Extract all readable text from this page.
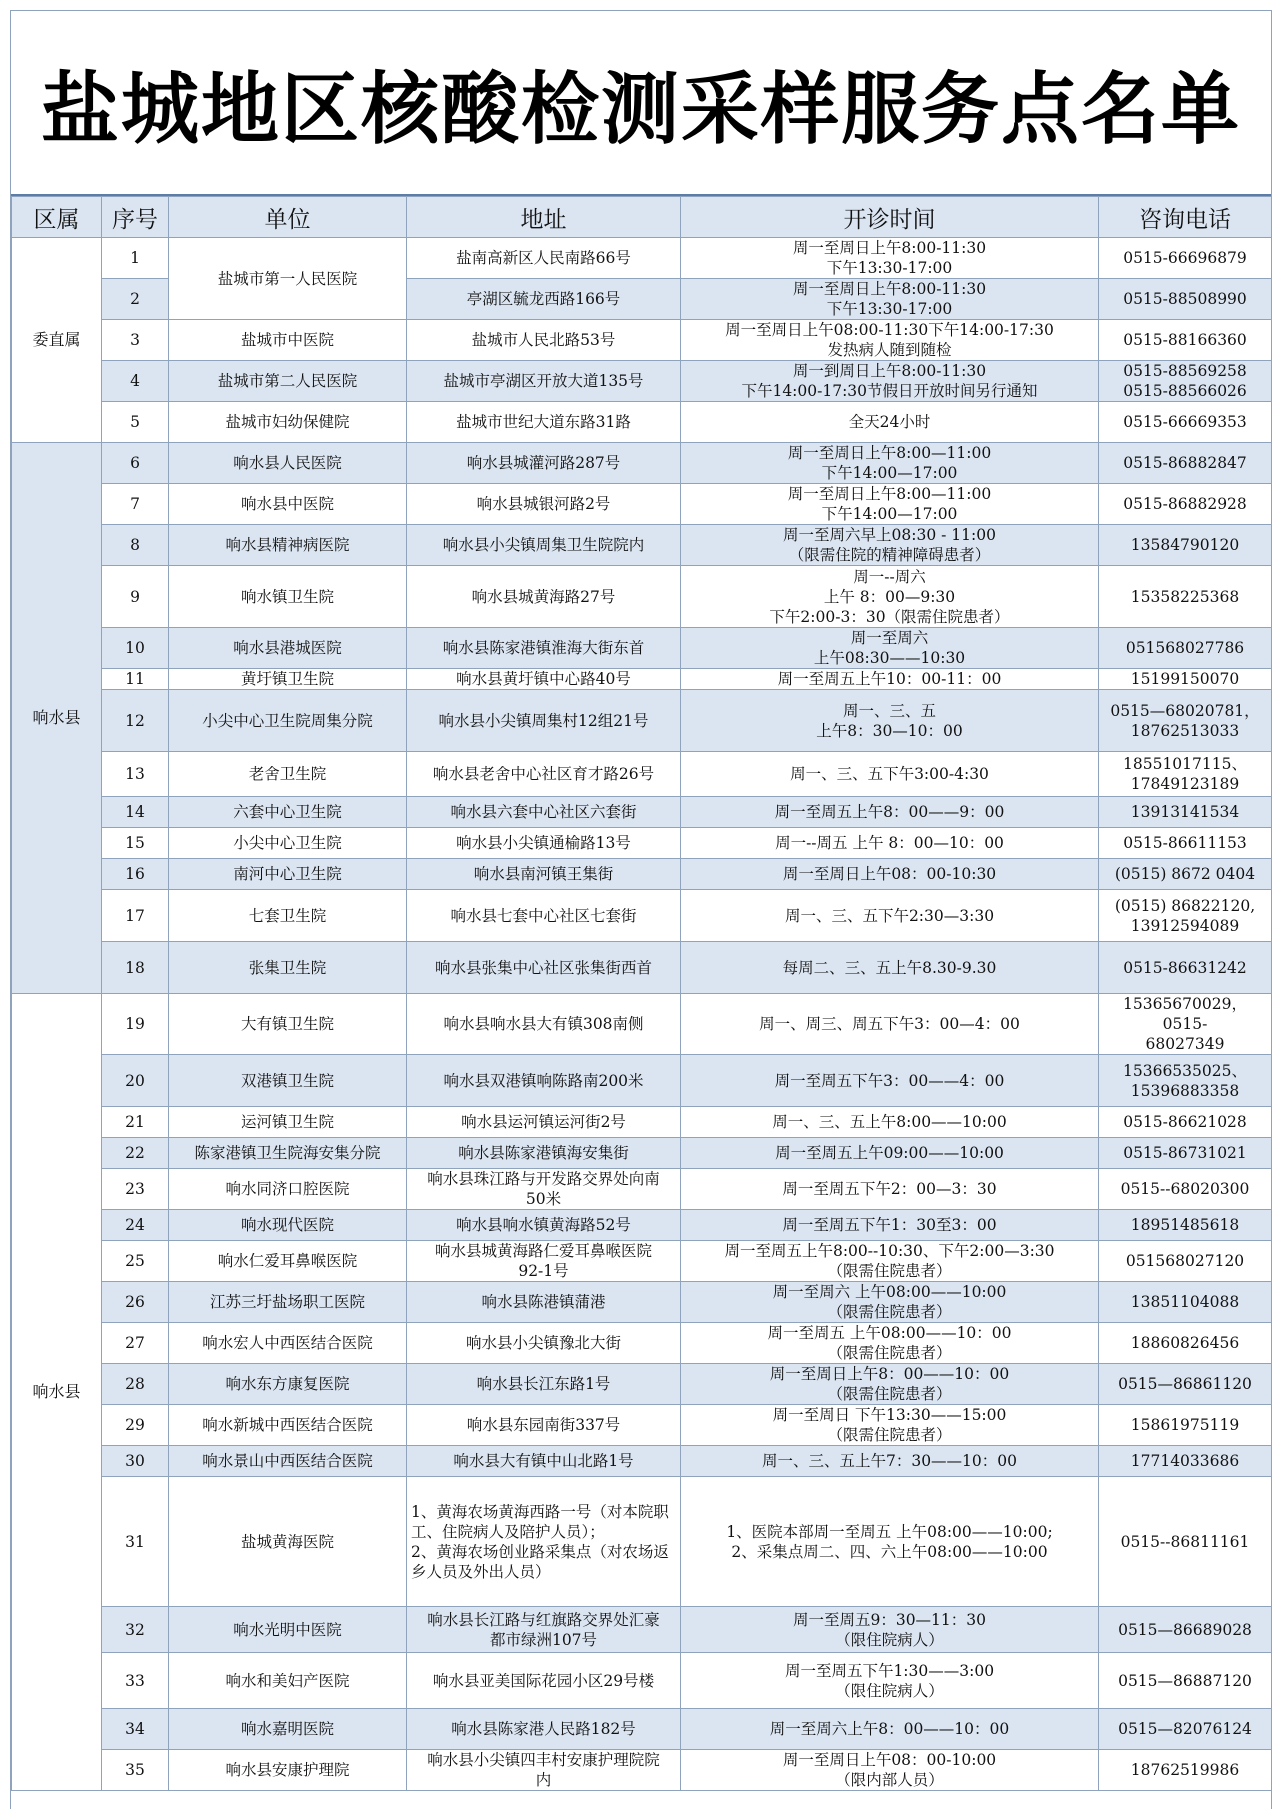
盐城地区核酸检测采样服务点名单
区属	序号	单位	地址	开诊时间	咨询电话
委直属	1	盐城市第一人民医院	盐南高新区人民南路66号	周一至周日上午8:00-11:30
下午13:30-17:00	0515-66696879
	2		亭湖区毓龙西路166号	周一至周日上午8:00-11:30
下午13:30-17:00	0515-88508990
	3	盐城市中医院	盐城市人民北路53号	周一至周日上午08:00-11:30下午14:00-17:30
发热病人随到随检	0515-88166360
	4	盐城市第二人民医院	盐城市亭湖区开放大道135号	周一到周日上午8:00-11:30
下午14:00-17:30节假日开放时间另行通知	0515-88569258
0515-88566026
	5	盐城市妇幼保健院	盐城市世纪大道东路31路	全天24小时	0515-66669353
响水县	6	响水县人民医院	响水县城灌河路287号	周一至周日上午8:00—11:00
下午14:00—17:00	0515-86882847
	7	响水县中医院	响水县城银河路2号	周一至周日上午8:00—11:00
下午14:00—17:00	0515-86882928
	8	响水县精神病医院	响水县小尖镇周集卫生院院内	周一至周六早上08:30 - 11:00
（限需住院的精神障碍患者）	13584790120
	9	响水镇卫生院	响水县城黄海路27号	周一--周六
上午 8：00—9:30
下午2:00-3：30（限需住院患者）	15358225368
	10	响水县港城医院	响水县陈家港镇淮海大街东首	周一至周六
上午08:30——10:30	051568027786
	11	黄圩镇卫生院	响水县黄圩镇中心路40号	周一至周五上午10：00-11：00	15199150070
	12	小尖中心卫生院周集分院	响水县小尖镇周集村12组21号	周一、三、五
上午8：30—10：00	0515—68020781，
18762513033
	13	老舍卫生院	响水县老舍中心社区育才路26号	周一、三、五下午3:00-4:30	18551017115、
17849123189
	14	六套中心卫生院	响水县六套中心社区六套街	周一至周五上午8：00——9：00	13913141534
	15	小尖中心卫生院	响水县小尖镇通榆路13号	周一--周五 上午 8：00—10：00	0515-86611153
	16	南河中心卫生院	响水县南河镇王集街	周一至周日上午08：00-10:30	(0515) 8672 0404
	17	七套卫生院	响水县七套中心社区七套街	周一、三、五下午2:30—3:30	(0515) 86822120,
13912594089
	18	张集卫生院	响水县张集中心社区张集街西首	每周二、三、五上午8.30-9.30	0515-86631242
响水县	19	大有镇卫生院	响水县响水县大有镇308南侧	周一、周三、周五下午3：00—4：00	15365670029，0515-
68027349
	20	双港镇卫生院	响水县双港镇响陈路南200米	周一至周五下午3：00——4：00	15366535025、
15396883358
	21	运河镇卫生院	响水县运河镇运河街2号	周一、三、五上午8:00——10:00	0515-86621028
	22	陈家港镇卫生院海安集分院	响水县陈家港镇海安集街	周一至周五上午09:00——10:00	0515-86731021
	23	响水同济口腔医院	响水县珠江路与开发路交界处向南
50米	周一至周五下午2：00—3：30	0515--68020300
	24	响水现代医院	响水县响水镇黄海路52号	周一至周五下午1：30至3：00	18951485618
	25	响水仁爱耳鼻喉医院	响水县城黄海路仁爱耳鼻喉医院
92-1号	周一至周五上午8:00--10:30、下午2:00—3:30
（限需住院患者）	051568027120
	26	江苏三圩盐场职工医院	响水县陈港镇蒲港	周一至周六 上午08:00——10:00
（限需住院患者）	13851104088
	27	响水宏人中西医结合医院	响水县小尖镇豫北大街	周一至周五 上午08:00——10：00
（限需住院患者）	18860826456
	28	响水东方康复医院	响水县长江东路1号	周一至周日上午8：00——10：00
（限需住院患者）	0515—86861120
	29	响水新城中西医结合医院	响水县东园南街337号	周一至周日 下午13:30——15:00
（限需住院患者）	15861975119
	30	响水景山中西医结合医院	响水县大有镇中山北路1号	周一、三、五上午7：30——10：00	17714033686
	31	盐城黄海医院	1、黄海农场黄海西路一号（对本院职工、住院病人及陪护人员）；
2、黄海农场创业路采集点（对农场返乡人员及外出人员）	1、医院本部周一至周五 上午08:00——10:00;
2、采集点周二、四、六上午08:00——10:00	0515--86811161
	32	响水光明中医院	响水县长江路与红旗路交界处汇豪
都市绿洲107号	周一至周五9：30—11：30
（限住院病人）	0515—86689028
	33	响水和美妇产医院	响水县亚美国际花园小区29号楼	周一至周五下午1:30——3:00
（限住院病人）	0515—86887120
	34	响水嘉明医院	响水县陈家港人民路182号	周一至周六上午8：00——10：00	0515—82076124
	35	响水县安康护理院	响水县小尖镇四丰村安康护理院院
内	周一至周日上午08：00-10:00
（限内部人员）	18762519986
